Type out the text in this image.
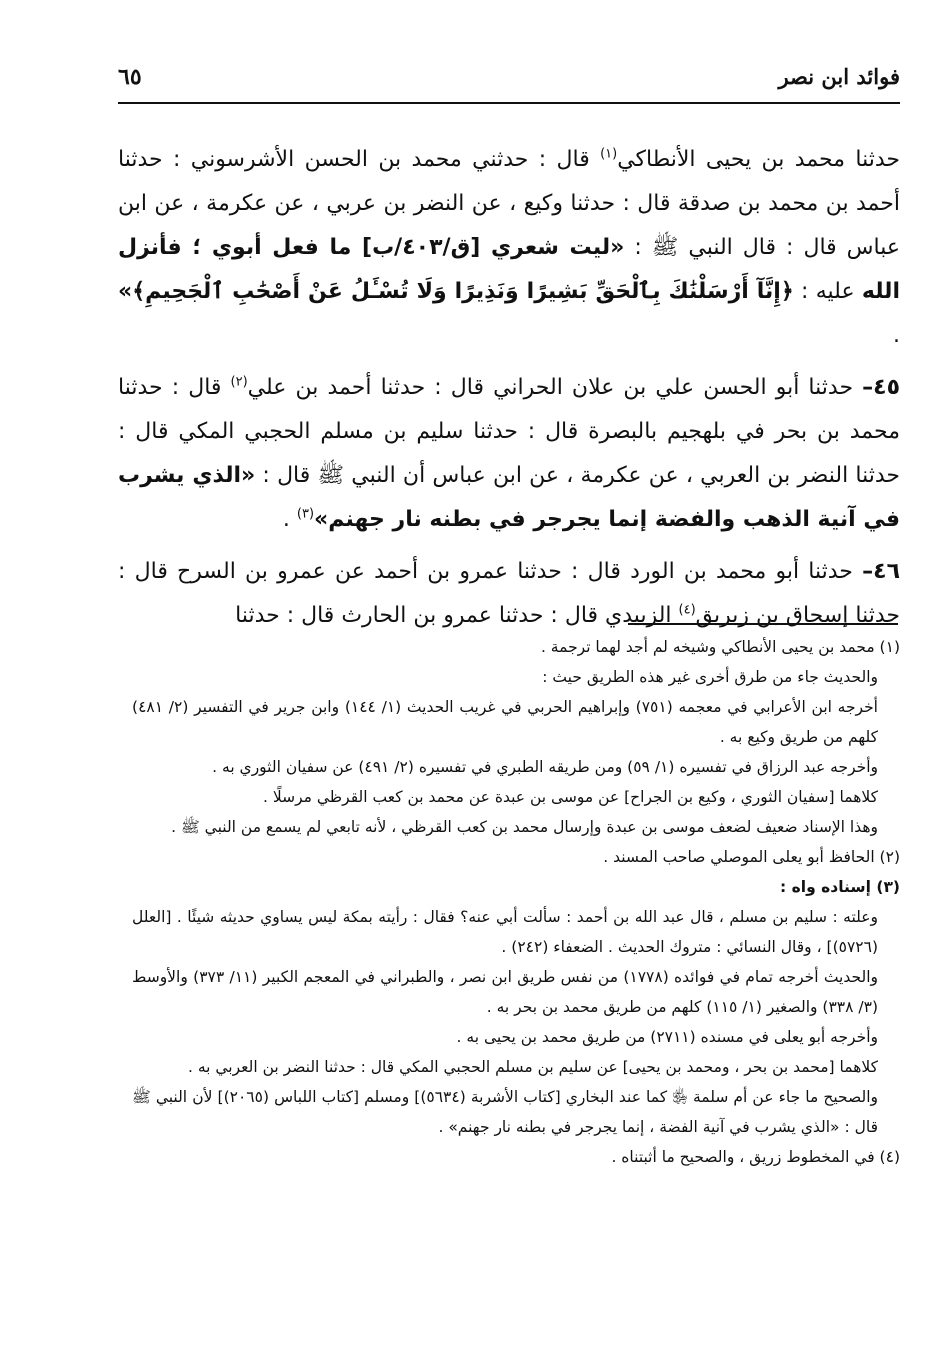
فوائد ابن نصر
٦٥

حدثنا محمد بن يحيى الأنطاكي$^{(١)}$ قال : حدثني محمد بن الحسن الأشرسوني : حدثنا أحمد بن محمد بن صدقة قال : حدثنا وكيع ، عن النضر بن عربي ، عن عكرمة ، عن ابن عباس قال : قال النبي ﷺ : «ليت شعري [ق/٤٠٣/ب] ما فعل أبوي ؛ فأنزل الله عليه : ﴿إِنَّآ أَرْسَلْنَٰكَ بِٱلْحَقِّ بَشِيرًا وَنَذِيرًا وَلَا تُسْـَٔلُ عَنْ أَصْحَٰبِ ٱلْجَحِيمِ﴾» .

٤٥– حدثنا أبو الحسن علي بن علان الحراني قال : حدثنا أحمد بن علي$^{(٢)}$ قال : حدثنا محمد بن بحر في بلهجيم بالبصرة قال : حدثنا سليم بن مسلم الحجبي المكي قال : حدثنا النضر بن العربي ، عن عكرمة ، عن ابن عباس أن النبي ﷺ قال : «الذي يشرب في آنية الذهب والفضة إنما يجرجر في بطنه نار جهنم»$^{(٣)}$ .

٤٦– حدثنا أبو محمد بن الورد قال : حدثنا عمرو بن أحمد عن عمرو بن السرح قال : حدثنا إسحاق بن زبريق$^{(٤)}$ الزبيدي قال : حدثنا عمرو بن الحارث قال : حدثنا

(١) محمد بن يحيى الأنطاكي وشيخه لم أجد لهما ترجمة .

والحديث جاء من طرق أخرى غير هذه الطريق حيث :

أخرجه ابن الأعرابي في معجمه (٧٥١) وإبراهيم الحربي في غريب الحديث (١/ ١٤٤) وابن جرير في التفسير (٢/ ٤٨١) كلهم من طريق وكيع به .

وأخرجه عبد الرزاق في تفسيره (١/ ٥٩) ومن طريقه الطبري في تفسيره (٢/ ٤٩١) عن سفيان الثوري به .

كلاهما [سفيان الثوري ، وكيع بن الجراح] عن موسى بن عبدة عن محمد بن كعب القرظي مرسلًا .

وهذا الإسناد ضعيف لضعف موسى بن عبدة وإرسال محمد بن كعب القرظي ، لأنه تابعي لم يسمع من النبي ﷺ .

(٢) الحافظ أبو يعلى الموصلي صاحب المسند .

(٣) إسناده واه :

وعلته : سليم بن مسلم ، قال عبد الله بن أحمد : سألت أبي عنه؟ فقال : رأيته بمكة ليس يساوي حديثه شيئًا . [العلل (٥٧٢٦)] ، وقال النسائي : متروك الحديث . الضعفاء (٢٤٢) .

والحديث أخرجه تمام في فوائده (١٧٧٨) من نفس طريق ابن نصر ، والطبراني في المعجم الكبير (١١/ ٣٧٣) والأوسط (٣/ ٣٣٨) والصغير (١/ ١١٥) كلهم من طريق محمد بن بحر به .

وأخرجه أبو يعلى في مسنده (٢٧١١) من طريق محمد بن يحيى به .

كلاهما [محمد بن بحر ، ومحمد بن يحيى] عن سليم بن مسلم الحجبي المكي قال : حدثنا النضر بن العربي به .

والصحيح ما جاء عن أم سلمة ﵂ كما عند البخاري [كتاب الأشربة (٥٦٣٤)] ومسلم [كتاب اللباس (٢٠٦٥)] لأن النبي ﷺ قال : «الذي يشرب في آنية الفضة ، إنما يجرجر في بطنه نار جهنم» .

(٤) في المخطوط زريق ، والصحيح ما أثبتناه .
